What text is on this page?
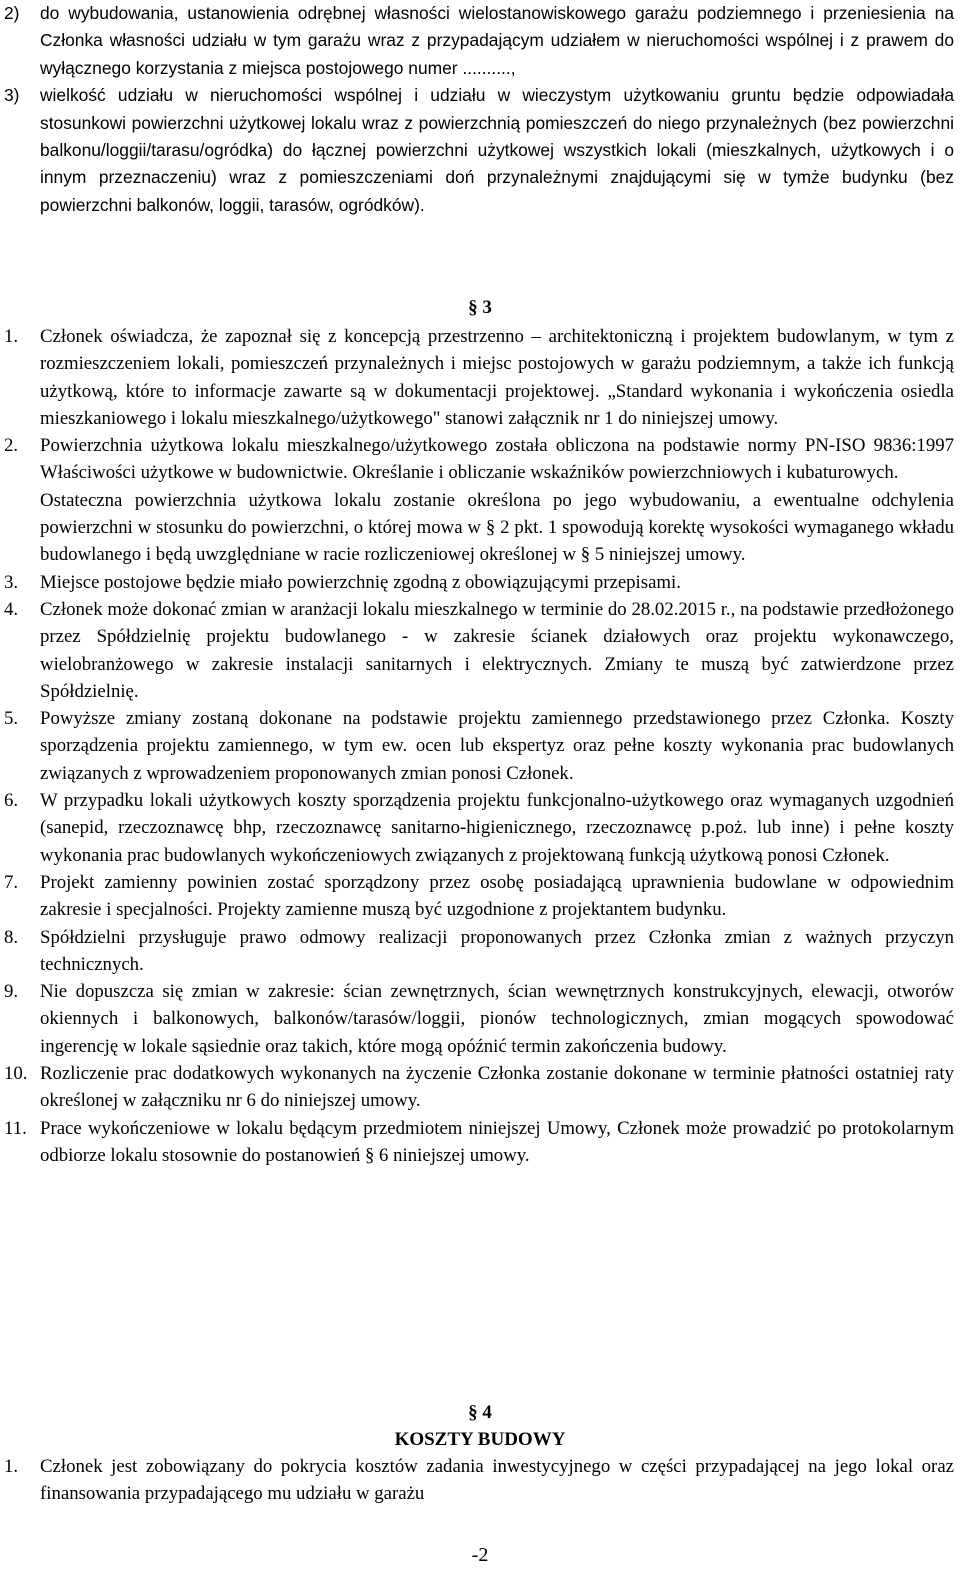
2) do wybudowania, ustanowienia odrębnej własności wielostanowiskowego garażu podziemnego i przeniesienia na Członka własności udziału w tym garażu wraz z przypadającym udziałem w nieruchomości wspólnej i z prawem do wyłącznego korzystania z miejsca postojowego numer ..........,
3) wielkość udziału w nieruchomości wspólnej i udziału w wieczystym użytkowaniu gruntu będzie odpowiadała stosunkowi powierzchni użytkowej lokalu wraz z powierzchnią pomieszczeń do niego przynależnych (bez powierzchni balkonu/loggii/tarasu/ogródka) do łącznej powierzchni użytkowej wszystkich lokali (mieszkalnych, użytkowych i o innym przeznaczeniu) wraz z pomieszczeniami doń przynależnymi znajdującymi się w tymże budynku (bez powierzchni balkonów, loggii, tarasów, ogródków).
§ 3
1. Członek oświadcza, że zapoznał się z koncepcją przestrzenno – architektoniczną i projektem budowlanym, w tym z rozmieszczeniem lokali, pomieszczeń przynależnych i miejsc postojowych w garażu podziemnym, a także ich funkcją użytkową, które to informacje zawarte są w dokumentacji projektowej. „Standard wykonania i wykończenia osiedla mieszkaniowego i lokalu mieszkalnego/użytkowego" stanowi załącznik nr 1 do niniejszej umowy.
2. Powierzchnia użytkowa lokalu mieszkalnego/użytkowego została obliczona na podstawie normy PN-ISO 9836:1997 Właściwości użytkowe w budownictwie. Określanie i obliczanie wskaźników powierzchniowych i kubaturowych.
Ostateczna powierzchnia użytkowa lokalu zostanie określona po jego wybudowaniu, a ewentualne odchylenia powierzchni w stosunku do powierzchni, o której mowa w § 2 pkt. 1 spowodują korektę wysokości wymaganego wkładu budowlanego i będą uwzględniane w racie rozliczeniowej określonej w § 5 niniejszej umowy.
3. Miejsce postojowe będzie miało powierzchnię zgodną z obowiązującymi przepisami.
4. Członek może dokonać zmian w aranżacji lokalu mieszkalnego w terminie do 28.02.2015 r., na podstawie przedłożonego przez Spółdzielnię projektu budowlanego - w zakresie ścianek działowych oraz projektu wykonawczego, wielobranżowego w zakresie instalacji sanitarnych i elektrycznych. Zmiany te muszą być zatwierdzone przez Spółdzielnię.
5. Powyższe zmiany zostaną dokonane na podstawie projektu zamiennego przedstawionego przez Członka. Koszty sporządzenia projektu zamiennego, w tym ew. ocen lub ekspertyz oraz pełne koszty wykonania prac budowlanych związanych z wprowadzeniem proponowanych zmian ponosi Członek.
6. W przypadku lokali użytkowych koszty sporządzenia projektu funkcjonalno-użytkowego oraz wymaganych uzgodnień (sanepid, rzeczoznawcę bhp, rzeczoznawcę sanitarno-higienicznego, rzeczoznawcę p.poż. lub inne) i pełne koszty wykonania prac budowlanych wykończeniowych związanych z projektowaną funkcją użytkową ponosi Członek.
7. Projekt zamienny powinien zostać sporządzony przez osobę posiadającą uprawnienia budowlane w odpowiednim zakresie i specjalności. Projekty zamienne muszą być uzgodnione z projektantem budynku.
8. Spółdzielni przysługuje prawo odmowy realizacji proponowanych przez Członka zmian z ważnych przyczyn technicznych.
9. Nie dopuszcza się zmian w zakresie: ścian zewnętrznych, ścian wewnętrznych konstrukcyjnych, elewacji, otworów okiennych i balkonowych, balkonów/tarasów/loggii, pionów technologicznych, zmian mogących spowodować ingerencję w lokale sąsiednie oraz takich, które mogą opóźnić termin zakończenia budowy.
10. Rozliczenie prac dodatkowych wykonanych na życzenie Członka zostanie dokonane w terminie płatności ostatniej raty określonej w załączniku nr 6 do niniejszej umowy.
11. Prace wykończeniowe w lokalu będącym przedmiotem niniejszej Umowy, Członek może prowadzić po protokolarnym odbiorze lokalu stosownie do postanowień § 6 niniejszej umowy.
§ 4
KOSZTY BUDOWY
1. Członek jest zobowiązany do pokrycia kosztów zadania inwestycyjnego w części przypadającej na jego lokal oraz finansowania przypadającego mu udziału w garażu
-2
